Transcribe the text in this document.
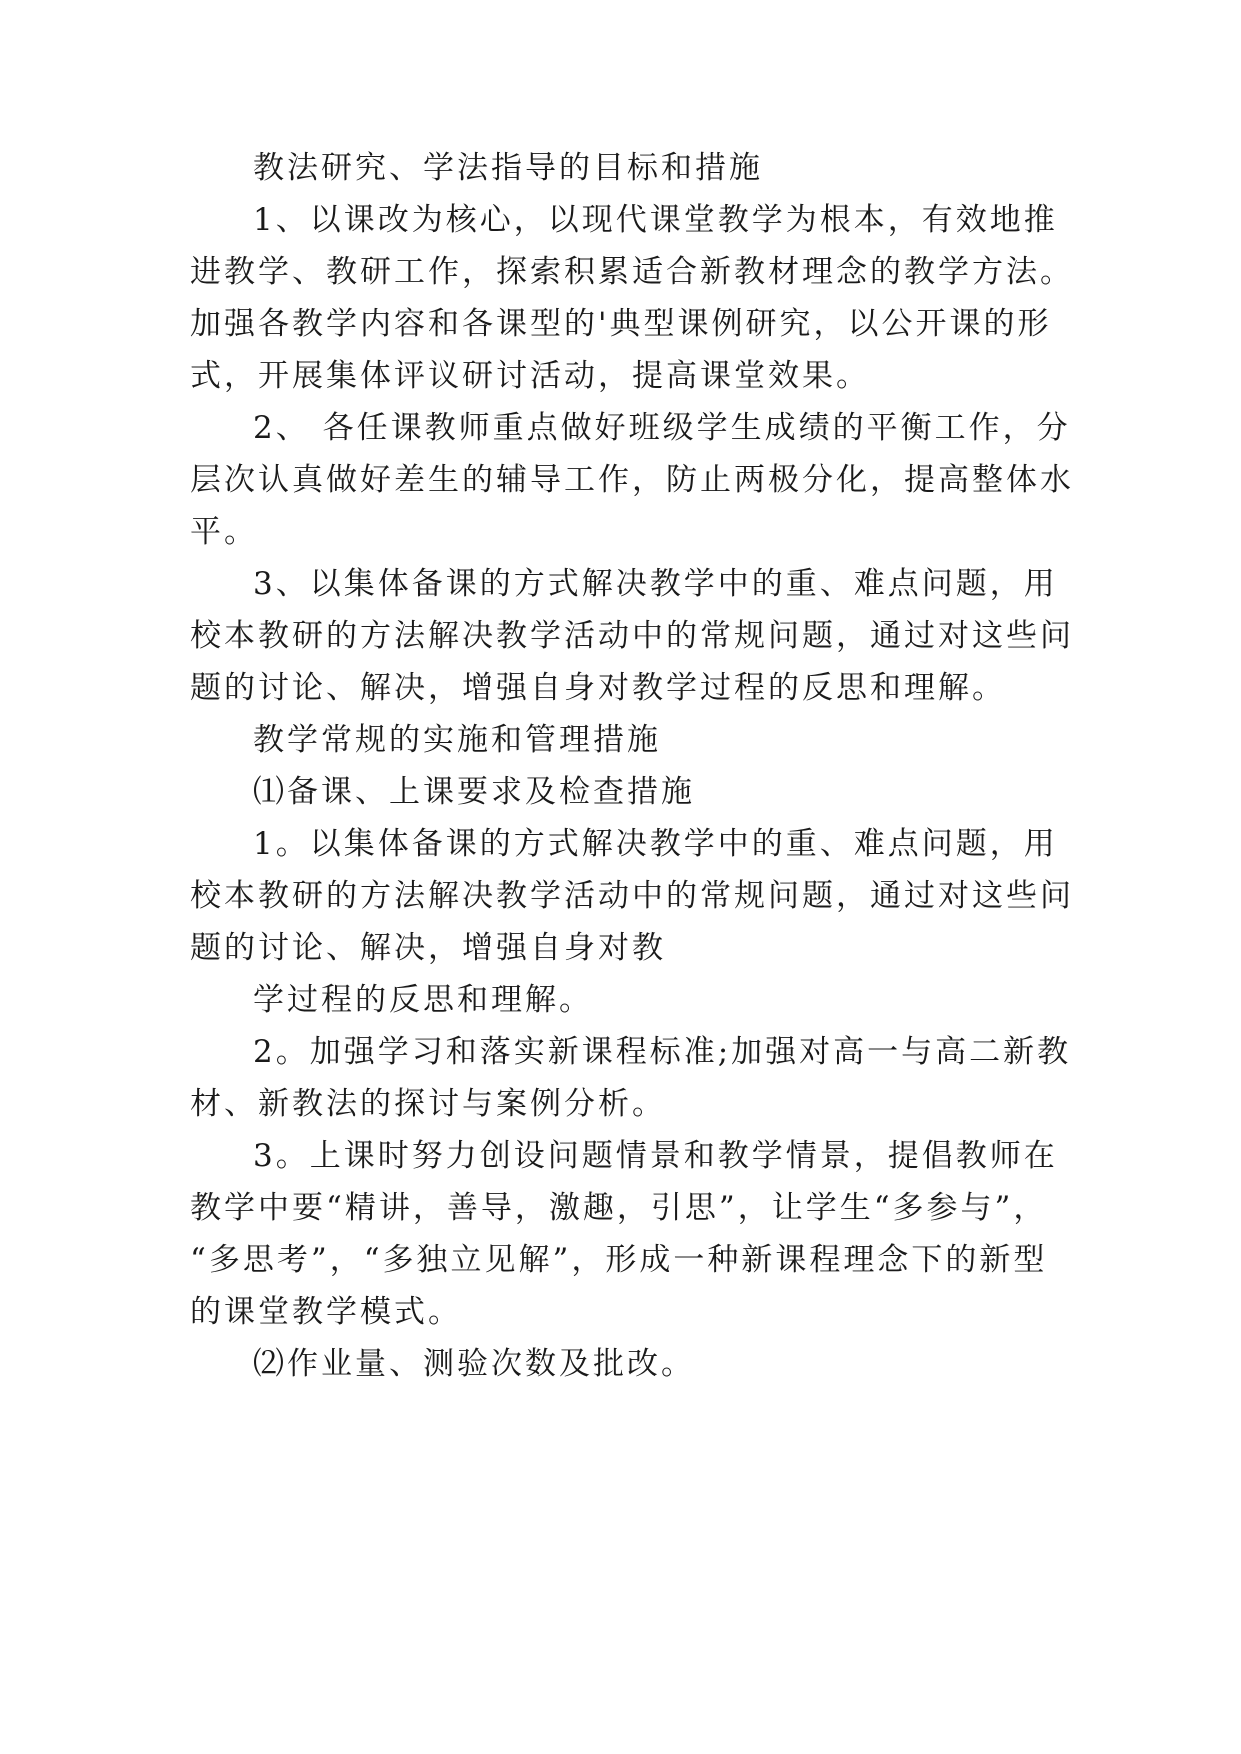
教法研究、学法指导的目标和措施

1、以课改为核心，以现代课堂教学为根本，有效地推

进教学、教研工作，探索积累适合新教材理念的教学方法。

加强各教学内容和各课型的'典型课例研究，以公开课的形

式，开展集体评议研讨活动，提高课堂效果。

2、 各任课教师重点做好班级学生成绩的平衡工作，分

层次认真做好差生的辅导工作，防止两极分化，提高整体水

平。

3、以集体备课的方式解决教学中的重、难点问题，用

校本教研的方法解决教学活动中的常规问题，通过对这些问

题的讨论、解决，增强自身对教学过程的反思和理解。

教学常规的实施和管理措施

⑴备课、上课要求及检查措施

1。以集体备课的方式解决教学中的重、难点问题，用

校本教研的方法解决教学活动中的常规问题，通过对这些问

题的讨论、解决，增强自身对教

学过程的反思和理解。

2。加强学习和落实新课程标准;加强对高一与高二新教

材、新教法的探讨与案例分析。

3。上课时努力创设问题情景和教学情景，提倡教师在

教学中要“精讲，善导，激趣，引思”，让学生“多参与”，

“多思考”，“多独立见解”，形成一种新课程理念下的新型

的课堂教学模式。

⑵作业量、测验次数及批改。
